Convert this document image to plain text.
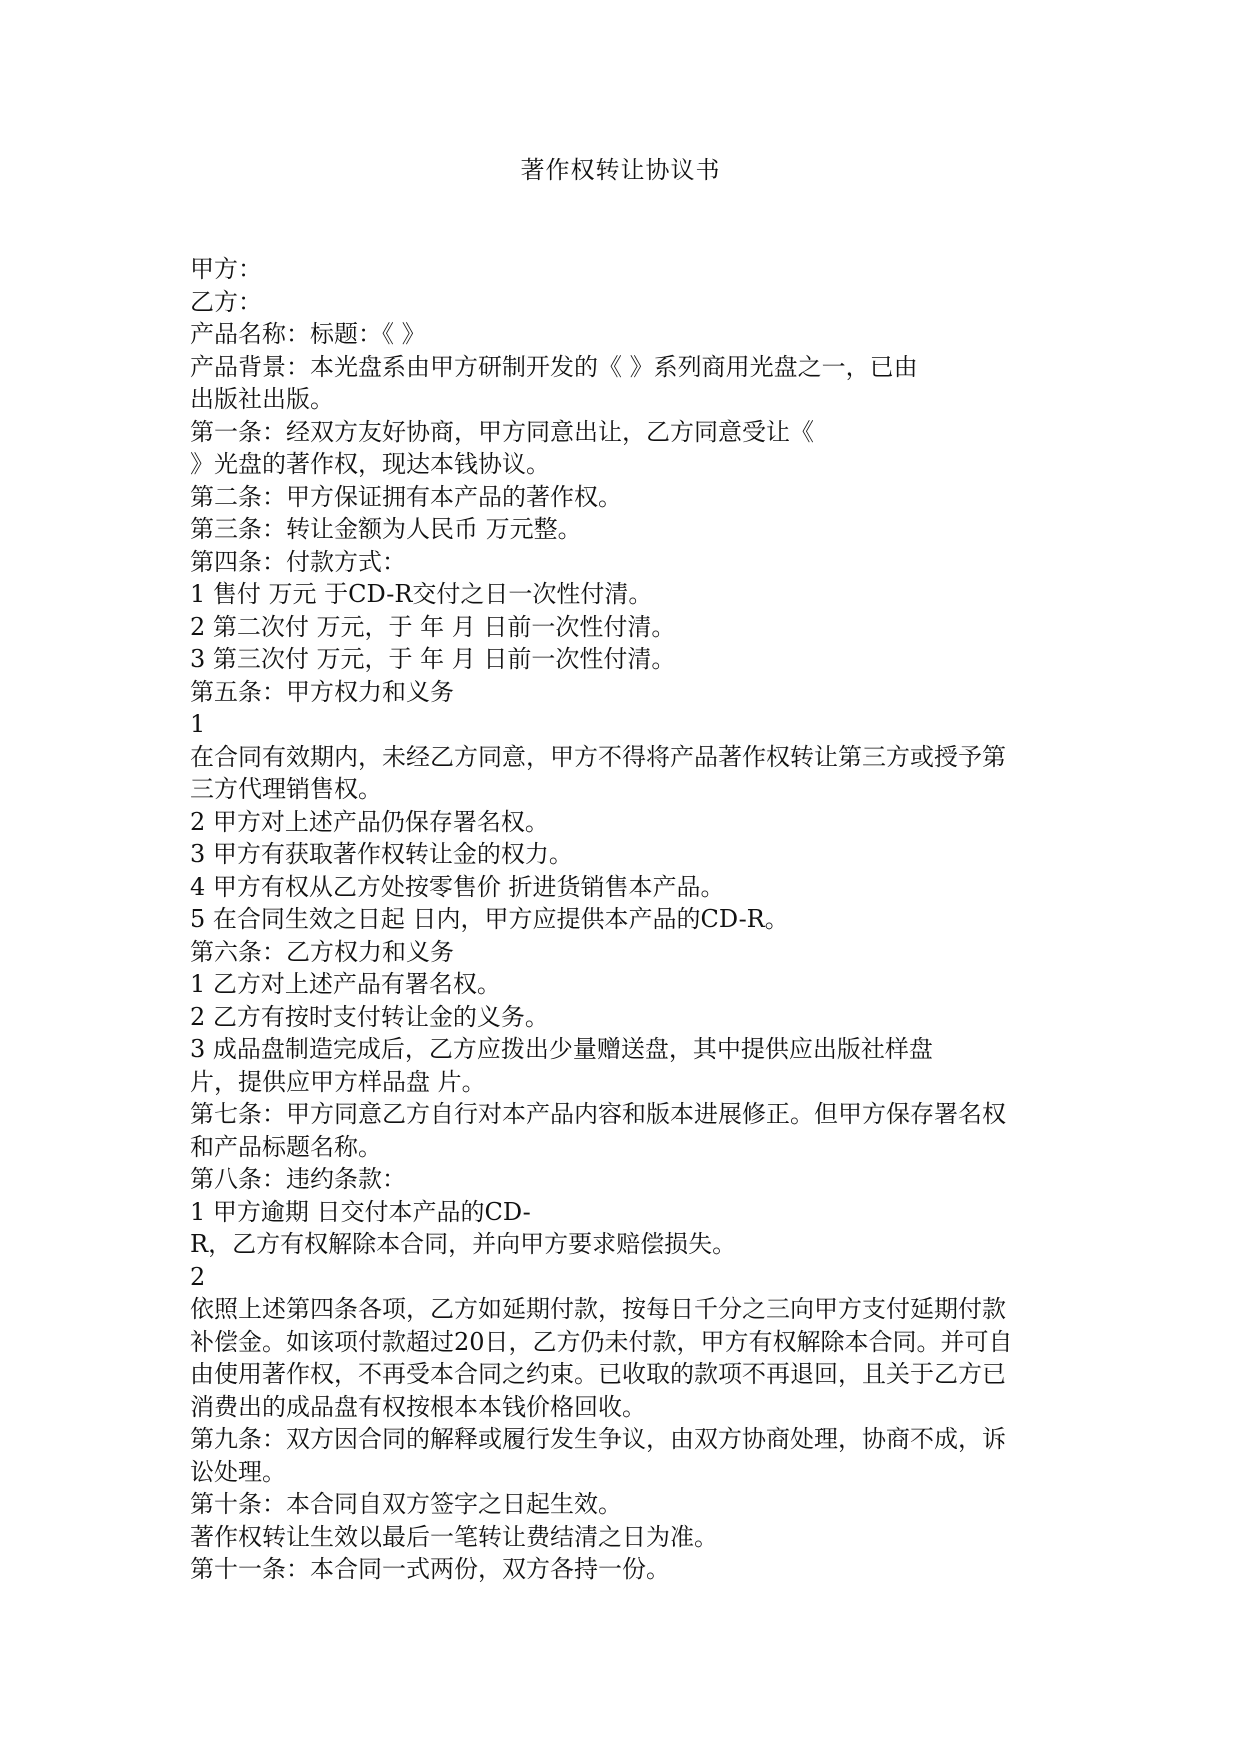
著作权转让协议书

甲方：

乙方：

产品名称：标题：《 》

产品背景：本光盘系由甲方研制开发的《 》系列商用光盘之一，已由

出版社出版。

第一条：经双方友好协商，甲方同意出让，乙方同意受让《

》光盘的著作权，现达本钱协议。

第二条：甲方保证拥有本产品的著作权。

第三条：转让金额为人民币 万元整。

第四条：付款方式：

1 售付 万元 于CD-R交付之日一次性付清。

2 第二次付 万元，于 年 月 日前一次性付清。

3 第三次付 万元，于 年 月 日前一次性付清。

第五条：甲方权力和义务

1

在合同有效期内，未经乙方同意，甲方不得将产品著作权转让第三方或授予第

三方代理销售权。

2 甲方对上述产品仍保存署名权。

3 甲方有获取著作权转让金的权力。

4 甲方有权从乙方处按零售价 折进货销售本产品。

5 在合同生效之日起 日内，甲方应提供本产品的CD-R。

第六条：乙方权力和义务

1 乙方对上述产品有署名权。

2 乙方有按时支付转让金的义务。

3 成品盘制造完成后，乙方应拨出少量赠送盘，其中提供应出版社样盘

片，提供应甲方样品盘 片。

第七条：甲方同意乙方自行对本产品内容和版本进展修正。但甲方保存署名权

和产品标题名称。

第八条：违约条款：

1 甲方逾期 日交付本产品的CD-

R，乙方有权解除本合同，并向甲方要求赔偿损失。

2

依照上述第四条各项，乙方如延期付款，按每日千分之三向甲方支付延期付款

补偿金。如该项付款超过20日，乙方仍未付款，甲方有权解除本合同。并可自

由使用著作权，不再受本合同之约束。已收取的款项不再退回，且关于乙方已

消费出的成品盘有权按根本本钱价格回收。

第九条：双方因合同的解释或履行发生争议，由双方协商处理，协商不成，诉

讼处理。

第十条：本合同自双方签字之日起生效。

著作权转让生效以最后一笔转让费结清之日为准。

第十一条：本合同一式两份，双方各持一份。
